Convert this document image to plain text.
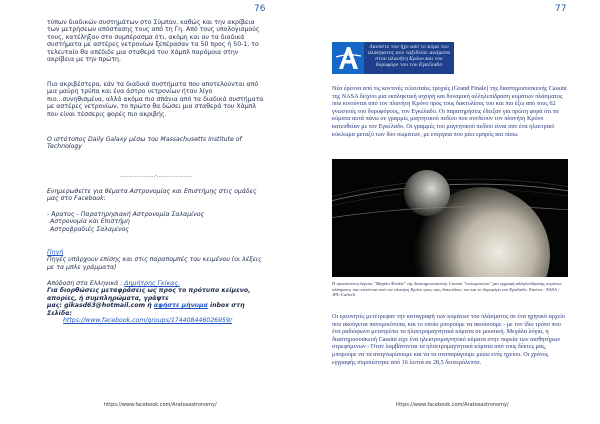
76

τύπων διαδικών συστημάτων στο Σύμπαν, καθώς και την ακρίβεια των μετρήσεων απόστασης τους από τη Γη. Από τους υπολογισμούς τους, κατέληξαν στο συμπέρασμα ότι, ακόμη και αν τα διαδικά συστήματα με αστέρες νετρονίων ξεπέρασαν τα 50 προς ή 50-1, το τελευταίο θα απέδιδε μια σταθερά του Χάμπλ παρόμοια στην ακρίβεια με την πρώτη.

Πιο ακριβέστερα, εάν τα διαδικά συστήματα που αποτελούνται από μια μαύρη τρύπα και ένα άστρο νετρονίων ήταν λίγο πιο...συνηθισμένα, αλλά ακόμα πιο σπάνια από τα διαδικά συστήματα με αστέρες νετρονίων, το πρώτο θα δώσει μια σταθερά του Χάμπλ που είναι τέσσερις φορές πιο ακριβής.

Ο ιστότοπος Daily Galaxy μέσω του Massachusetts Institute of Technology
…………………-…………………
Ενημερωθείτε για θέματα Αστρονομίας και Επιστήμης στις ομάδες μας στο Facebook:

- Άρατος - Παρατηρησιακή Αστρονομία Σαλαμίνος

Αστρονομία και Επιστήμη

Αστροβραδιές Σαλαμίνος

Πηγή

Πηγές υπάρχουν επίσης και στις παραπομπές του κειμένου (οι λέξεις με τα μπλε γράμματα)

Απόδοση στα Ελληνικά : Δημήτρης Γκίκας.

Για διορθώσεις μεταφράσεις ως προς το πρότυπο κείμενο, απορίες, ή συμπληρώματα, γράψτε

μας: gikasd63@hotmail.com ή αφήστε μήνυμα inbox στη Σελίδα:

https://www.facebook.com/groups/174408446026959/

https://www.facebook.com/Aratosastronomy/
77
Ακούστε τον ήχο από το κύμα του πλάσματος που ταξιδεύει ανάμεσα στον πλανήτη Κρόνο και τον δορυφόρο του τον Εγκέλαδο

Νέα έρευνα από τις κοντινές τελευταίες τροχιές (Grand Finale) της διαστημοσυσκευής Cassini της NASA δείχνει μια εκπληκτική ισχυρή και δυναμική αλληλεπίδραση κυμάτων πλάσματος που κινούνται από τον πλανήτη Κρόνο προς τους δακτυλίους του και πιο έξω από τους 62 γνωστούς του δορυφόρους, τον Εγκέλαδο. Οι παρατηρήσεις έδειξαν για πρώτη φορά ότι τα κύματα αυτά πάνω σε γραμμές μαγνητικού πεδίου που συνδέουν τον πλανήτη Κρόνο κατευθείαν με τον Εγκέλαδο. Οι γραμμές του μαγνητικού πεδίου είναι σαν ένα ηλεκτρικό κύκλωμα μεταξύ των δύο σωμάτων, με ενέργεια που ρέει εμπρός και πίσω.

Η προεικόνιση λέγεται "Μεγάλο Φινάλε" της διαστημοσυσκευής Cassini "ενσωματώνει" μια εγγραφή αλληλεπίδρασης κυμάτων πλάσματος που κινούνται από τον πλανήτη Κρόνο προς τους δακτυλίους του και το δορυφόρο του Εγκέλαδο. Εικόνα : NASA / JPL-Caltech

Οι ερευνητές μετέτρεψαν την καταγραφή των κυμάτων του πλάσματος σε ένα ηχητικό αρχείο που ακούγεται πανομοιότυπα, και το οποίο μπορούμε να ακούσουμε - με τον ίδιο τρόπο που ένα ραδιόφωνο μετατρέπει τα ηλεκτρομαγνητικά κύματα σε μουσική. Μεγάλα λόγια, η διαστημοσυσκευή Cassini είχε ένα ηλεκτρομαγνητικό κύματα στην πορεία των αισθητήρων στρεφόμενων - Όταν λαμβάνονται τα ηλεκτρομαγνητικά κύματα από τους δέκτες μας, μπορούμε να τα αναγνωρίσουμε και να τα αναπαράγουμε μέσω ενός ηχείου. Οι χρόνος εγγραφής συμπιέστηκε από 16 λεπτά σε 28,5 δευτερόλεπτα.

https://www.facebook.com/Aratosastronomy/
